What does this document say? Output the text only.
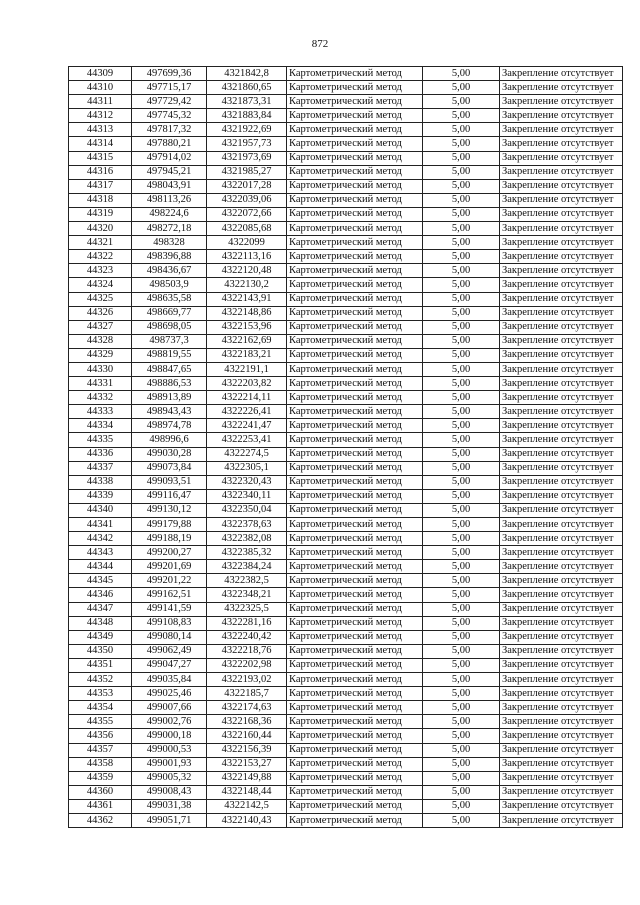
872
44309	497699,36	4321842,8	Картометрический метод	5,00	Закрепление отсутствует
44310	497715,17	4321860,65	Картометрический метод	5,00	Закрепление отсутствует
44311	497729,42	4321873,31	Картометрический метод	5,00	Закрепление отсутствует
44312	497745,32	4321883,84	Картометрический метод	5,00	Закрепление отсутствует
44313	497817,32	4321922,69	Картометрический метод	5,00	Закрепление отсутствует
44314	497880,21	4321957,73	Картометрический метод	5,00	Закрепление отсутствует
44315	497914,02	4321973,69	Картометрический метод	5,00	Закрепление отсутствует
44316	497945,21	4321985,27	Картометрический метод	5,00	Закрепление отсутствует
44317	498043,91	4322017,28	Картометрический метод	5,00	Закрепление отсутствует
44318	498113,26	4322039,06	Картометрический метод	5,00	Закрепление отсутствует
44319	498224,6	4322072,66	Картометрический метод	5,00	Закрепление отсутствует
44320	498272,18	4322085,68	Картометрический метод	5,00	Закрепление отсутствует
44321	498328	4322099	Картометрический метод	5,00	Закрепление отсутствует
44322	498396,88	4322113,16	Картометрический метод	5,00	Закрепление отсутствует
44323	498436,67	4322120,48	Картометрический метод	5,00	Закрепление отсутствует
44324	498503,9	4322130,2	Картометрический метод	5,00	Закрепление отсутствует
44325	498635,58	4322143,91	Картометрический метод	5,00	Закрепление отсутствует
44326	498669,77	4322148,86	Картометрический метод	5,00	Закрепление отсутствует
44327	498698,05	4322153,96	Картометрический метод	5,00	Закрепление отсутствует
44328	498737,3	4322162,69	Картометрический метод	5,00	Закрепление отсутствует
44329	498819,55	4322183,21	Картометрический метод	5,00	Закрепление отсутствует
44330	498847,65	4322191,1	Картометрический метод	5,00	Закрепление отсутствует
44331	498886,53	4322203,82	Картометрический метод	5,00	Закрепление отсутствует
44332	498913,89	4322214,11	Картометрический метод	5,00	Закрепление отсутствует
44333	498943,43	4322226,41	Картометрический метод	5,00	Закрепление отсутствует
44334	498974,78	4322241,47	Картометрический метод	5,00	Закрепление отсутствует
44335	498996,6	4322253,41	Картометрический метод	5,00	Закрепление отсутствует
44336	499030,28	4322274,5	Картометрический метод	5,00	Закрепление отсутствует
44337	499073,84	4322305,1	Картометрический метод	5,00	Закрепление отсутствует
44338	499093,51	4322320,43	Картометрический метод	5,00	Закрепление отсутствует
44339	499116,47	4322340,11	Картометрический метод	5,00	Закрепление отсутствует
44340	499130,12	4322350,04	Картометрический метод	5,00	Закрепление отсутствует
44341	499179,88	4322378,63	Картометрический метод	5,00	Закрепление отсутствует
44342	499188,19	4322382,08	Картометрический метод	5,00	Закрепление отсутствует
44343	499200,27	4322385,32	Картометрический метод	5,00	Закрепление отсутствует
44344	499201,69	4322384,24	Картометрический метод	5,00	Закрепление отсутствует
44345	499201,22	4322382,5	Картометрический метод	5,00	Закрепление отсутствует
44346	499162,51	4322348,21	Картометрический метод	5,00	Закрепление отсутствует
44347	499141,59	4322325,5	Картометрический метод	5,00	Закрепление отсутствует
44348	499108,83	4322281,16	Картометрический метод	5,00	Закрепление отсутствует
44349	499080,14	4322240,42	Картометрический метод	5,00	Закрепление отсутствует
44350	499062,49	4322218,76	Картометрический метод	5,00	Закрепление отсутствует
44351	499047,27	4322202,98	Картометрический метод	5,00	Закрепление отсутствует
44352	499035,84	4322193,02	Картометрический метод	5,00	Закрепление отсутствует
44353	499025,46	4322185,7	Картометрический метод	5,00	Закрепление отсутствует
44354	499007,66	4322174,63	Картометрический метод	5,00	Закрепление отсутствует
44355	499002,76	4322168,36	Картометрический метод	5,00	Закрепление отсутствует
44356	499000,18	4322160,44	Картометрический метод	5,00	Закрепление отсутствует
44357	499000,53	4322156,39	Картометрический метод	5,00	Закрепление отсутствует
44358	499001,93	4322153,27	Картометрический метод	5,00	Закрепление отсутствует
44359	499005,32	4322149,88	Картометрический метод	5,00	Закрепление отсутствует
44360	499008,43	4322148,44	Картометрический метод	5,00	Закрепление отсутствует
44361	499031,38	4322142,5	Картометрический метод	5,00	Закрепление отсутствует
44362	499051,71	4322140,43	Картометрический метод	5,00	Закрепление отсутствует
